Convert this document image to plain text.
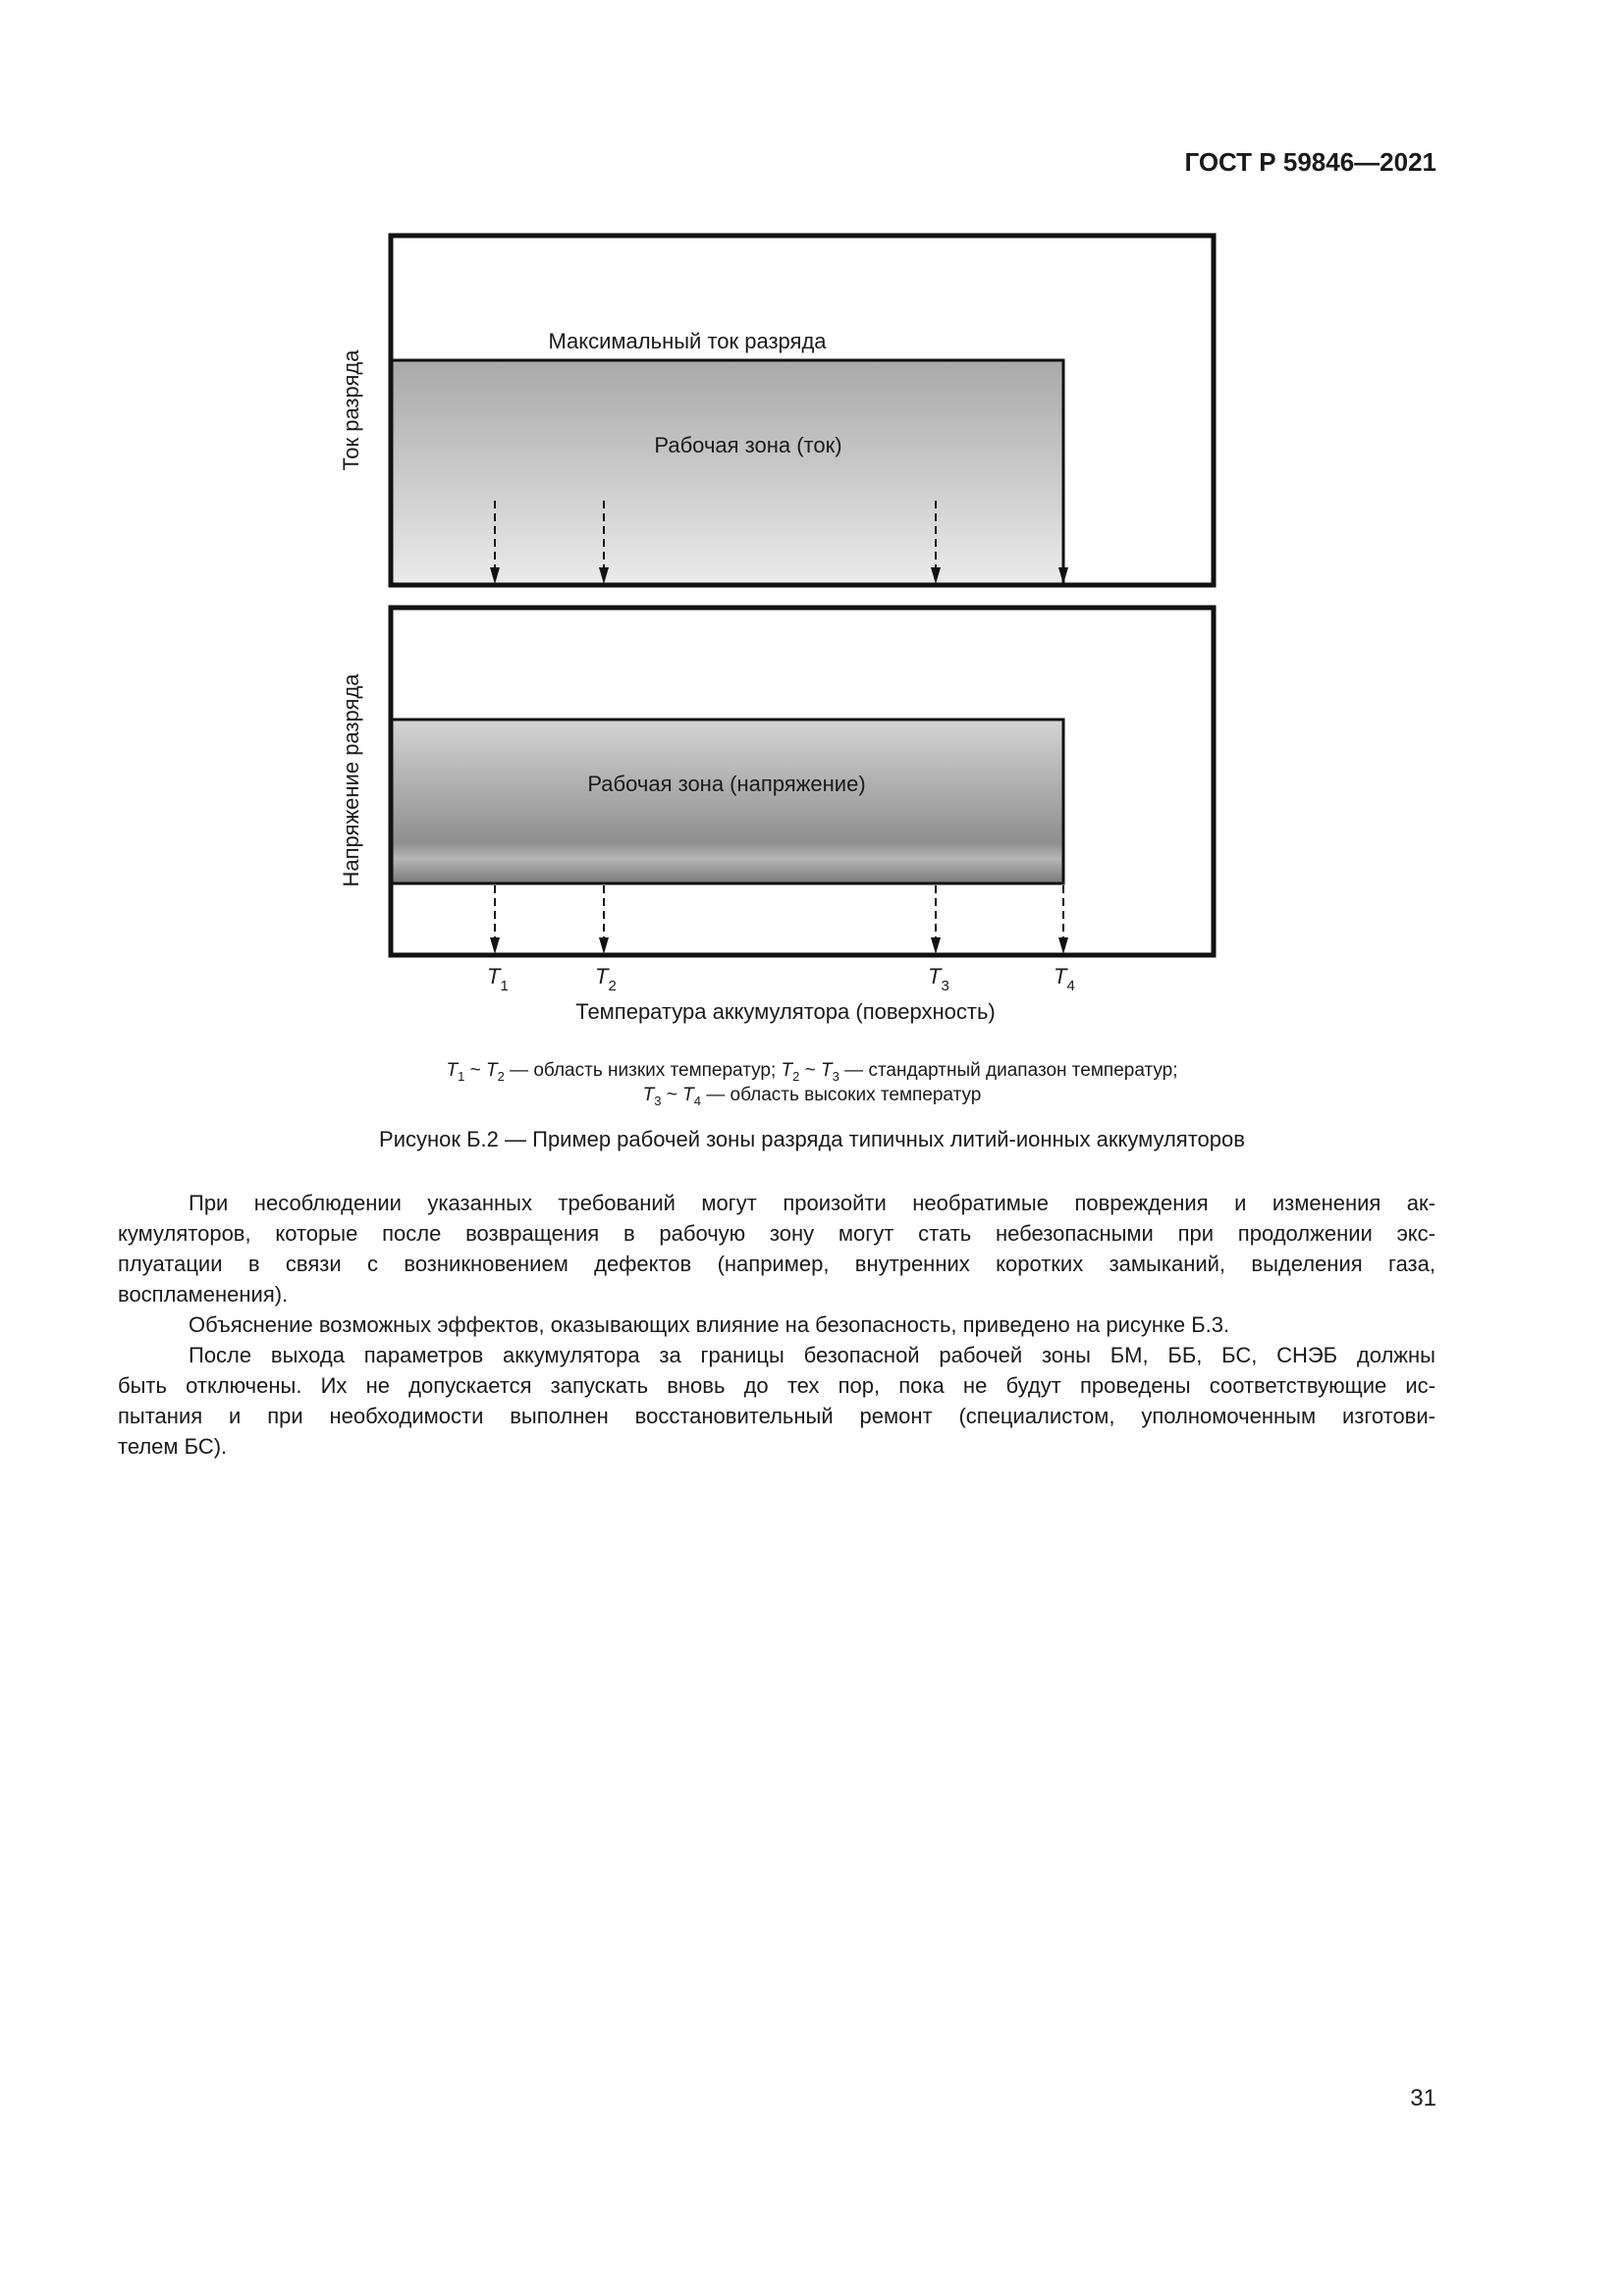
ГОСТ Р 59846—2021
Ток разряда
Максимальный ток разряда
Рабочая зона (ток)
Напряжение разряда	Рабочая зона (напряжение)
$T_1$	$T_2$	$T_3$	$T_4$
Температура аккумулятора (поверхность)
$T_1$ ~ $T_2$ — область низких температур; $T_2$ ~ $T_3$ — стандартный диапазон температур;
$T_3$ ~ $T_4$ — область высоких температур
Рисунок Б.2 — Пример рабочей зоны разряда типичных литий-ионных аккумуляторов
При несоблюдении указанных требований могут произойти необратимые повреждения и изменения ак-
кумуляторов, которые после возвращения в рабочую зону могут стать небезопасными при продолжении экс-
плуатации в связи с возникновением дефектов (например, внутренних коротких замыканий, выделения газа,
воспламенения).
Объяснение возможных эффектов, оказывающих влияние на безопасность, приведено на рисунке Б.3.
После выхода параметров аккумулятора за границы безопасной рабочей зоны БМ, ББ, БС, СНЭБ должны
быть отключены. Их не допускается запускать вновь до тех пор, пока не будут проведены соответствующие ис-
пытания и при необходимости выполнен восстановительный ремонт (специалистом, уполномоченным изготови-
телем БС).
31
